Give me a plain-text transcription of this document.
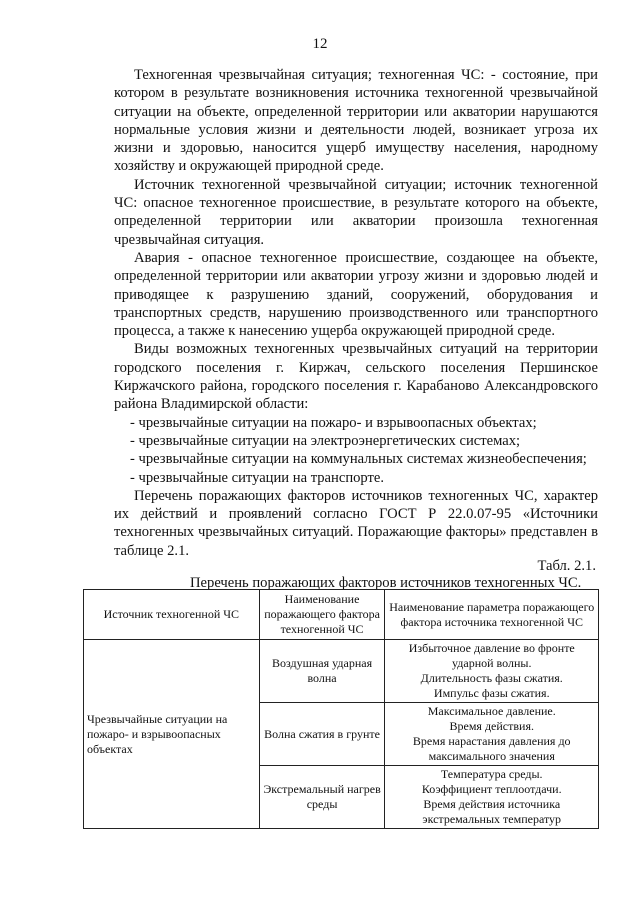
12

Техногенная чрезвычайная ситуация; техногенная ЧС: - состояние, при котором в результате возникновения источника техногенной чрезвычайной ситуации на объекте, определенной территории или акватории нарушаются нормальные условия жизни и деятельности людей, возникает угроза их жизни и здоровью, наносится ущерб имуществу населения, народному хозяйству и окружающей природной среде.

Источник техногенной чрезвычайной ситуации; источник техногенной ЧС: опасное техногенное происшествие, в результате которого на объекте, определенной территории или акватории произошла техногенная чрезвычайная ситуация.

Авария - опасное техногенное происшествие, создающее на объекте, определенной территории или акватории угрозу жизни и здоровью людей и приводящее к разрушению зданий, сооружений, оборудования и транспортных средств, нарушению производственного или транспортного процесса, а также к нанесению ущерба окружающей природной среде.

Виды возможных техногенных чрезвычайных ситуаций на территории городского поселения г. Киржач, сельского поселения Першинское Киржачского района, городского поселения г. Карабаново Александровского района Владимирской области:

- чрезвычайные ситуации на пожаро- и взрывоопасных объектах;

- чрезвычайные ситуации на электроэнергетических системах;

- чрезвычайные ситуации на коммунальных системах жизнеобеспечения;

- чрезвычайные ситуации на транспорте.

Перечень поражающих факторов источников техногенных ЧС, характер их действий и проявлений согласно ГОСТ Р 22.0.07-95 «Источники техногенных чрезвычайных ситуаций. Поражающие факторы» представлен в таблице 2.1.

Табл. 2.1.
Перечень поражающих факторов источников техногенных ЧС.
Источник техногенной ЧС	Наименование поражающего фактора техногенной ЧС	Наименование параметра поражающего фактора источника техногенной ЧС
Чрезвычайные ситуации на пожаро- и взрывоопасных объектах	Воздушная ударная волна	Избыточное давление во фронте ударной волны.
Длительность фазы сжатия.
Импульс фазы сжатия.

	Волна сжатия в грунте	Максимальное давление.
Время действия.
Время нарастания давления до максимального значения

	Экстремальный нагрев среды	Температура среды.
Коэффициент теплоотдачи.
Время действия источника экстремальных температур
